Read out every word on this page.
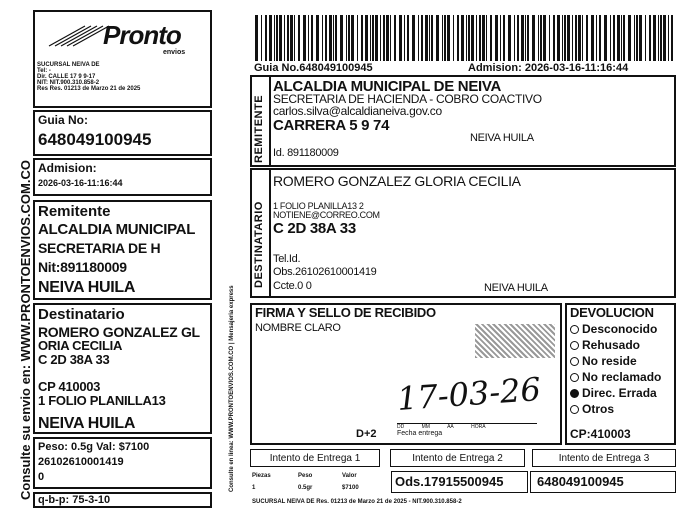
Pronto
envios
SUCURSAL NEIVA DE
Tel: -
Dir. CALLE 17 9 9-17
NIT: NIT.900.310.858-2
Res Res. 01213 de Marzo 21 de 2025
Guia No:
648049100945
Admision:
2026-03-16-11:16:44
Remitente
ALCALDIA MUNICIPAL
SECRETARIA DE H
Nit:891180009
NEIVA HUILA
Destinatario
ROMERO GONZALEZ GL
ORIA CECILIA
C 2D 38A 33
CP 410003
1 FOLIO PLANILLA13
NEIVA HUILA
Peso: 0.5g Val: $7100
26102610001419
0
q-b-p: 75-3-10
Consulte su envio en: WWW.PRONTOENVIOS.COM.CO	Consulte en linea: WWW.PRONTOENVIOS.COM.CO | Mensajeria express
Guia No.648049100945	Admision: 2026-03-16-11:16:44
REMITENTE
ALCALDIA MUNICIPAL DE NEIVA
SECRETARIA DE HACIENDA - COBRO COACTIVO
carlos.silva@alcaldianeiva.gov.co
CARRERA 5 9 74
NEIVA HUILA
Id. 891180009
DESTINATARIO
ROMERO GONZALEZ GLORIA CECILIA
1 FOLIO PLANILLA13 2
NOTIENE@CORREO.COM
C 2D 38A 33
Tel.Id.
Obs.26102610001419
Ccte.0 0	NEIVA HUILA
FIRMA Y SELLO DE RECIBIDO
NOMBRE CLARO
17-03-26
D+2
DD	MM	AA	HORA
Fecha entrega
DEVOLUCION
Desconocido
Rehusado
No reside
No reclamado
Direc. Errada
Otros
CP:410003
Intento de Entrega 1	Intento de Entrega 2	Intento de Entrega 3
Piezas	Peso	Valor
1	0.5gr	$7100	Ods.17915500945	648049100945
SUCURSAL NEIVA DE Res. 01213 de Marzo 21 de 2025 - NIT.900.310.858-2
